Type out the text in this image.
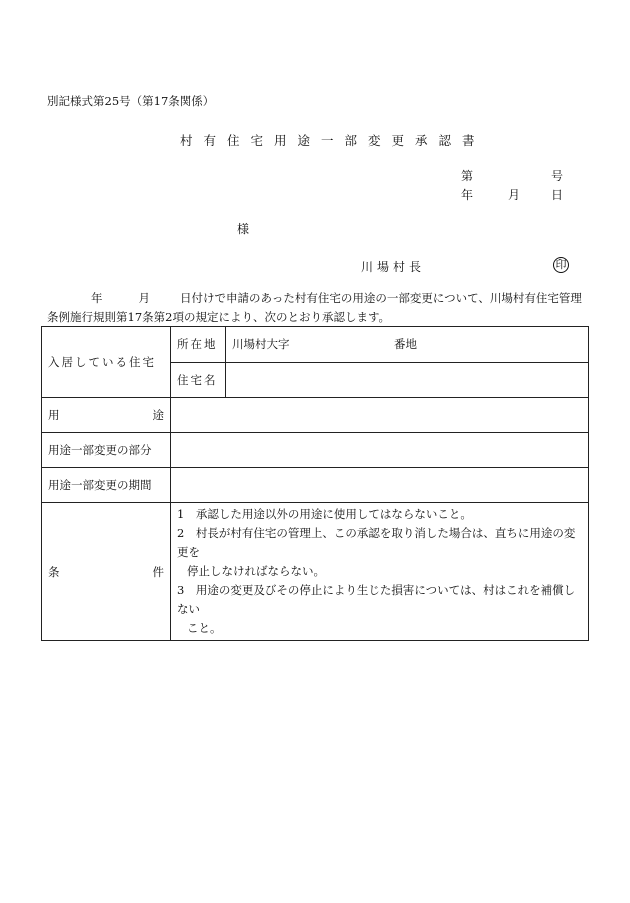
別記様式第25号（第17条関係）
村有住宅用途一部変更承認書
第	号
年	月	日
様
川場村長	印
年	月	日付けで申請のあった村有住宅の用途の一部変更について、川場村有住宅管理
条例施行規則第17条第2項の規定により、次のとおり承認します。
入居している住宅	所在地	川場村大字 番地

	住宅名	

用 途		

用途一部変更の部分		
用途一部変更の期間		

条 件	1　承認した用途以外の用途に使用してはならないこと。
2　村長が村有住宅の管理上、この承認を取り消した場合は、直ちに用途の変更を
停止しなければならない。
3　用途の変更及びその停止により生じた損害については、村はこれを補償しない
こと。	
